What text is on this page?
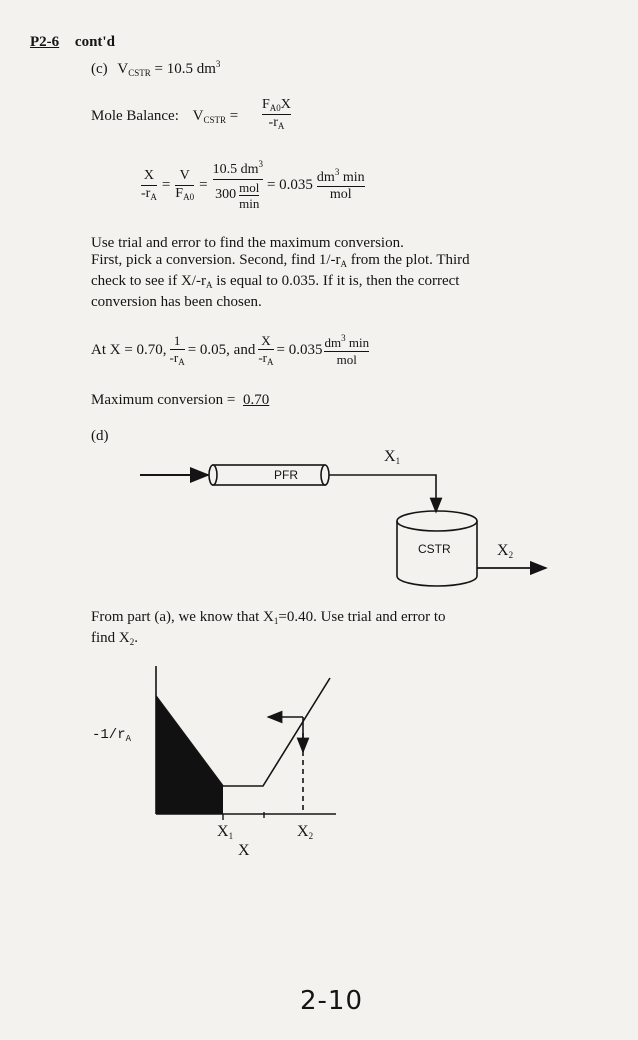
P2-6 cont'd
(c) $V_{CSTR} = 10.5$ $dm^3$
Mole Balance: $V_{CSTR}$ =
$F_{A0}X$
$-r_A$
$\frac{X}{-r_A} = \frac{V}{F_{A0}} = \frac{10.5 dm^3}{300 \frac{\text{mol}}{\min}} = 0.035 \frac{dm^3 \min}{\text{mol}}$
Use trial and error to find the maximum conversion.
First, pick a conversion. Second, find $1/-r_A$ from the plot. Third
check to see if $X/-r_A$ is equal to 0.035. If it is, then the correct
conversion has been chosen.
At X = 0.70, $\frac{1}{-r_A} = 0.05$, and $\frac{X}{-r_A} = 0.035 \frac{dm^3 \min}{\text{mol}}$
Maximum conversion = 0.70
(d)
PFR
CSTR
$X_1$
$X_2$
From part (a), we know that $X_1=0.40$. Use trial and error to
find $X_2$.
$-1/r_A$
$X_1$	$X_2$
X
2-10
